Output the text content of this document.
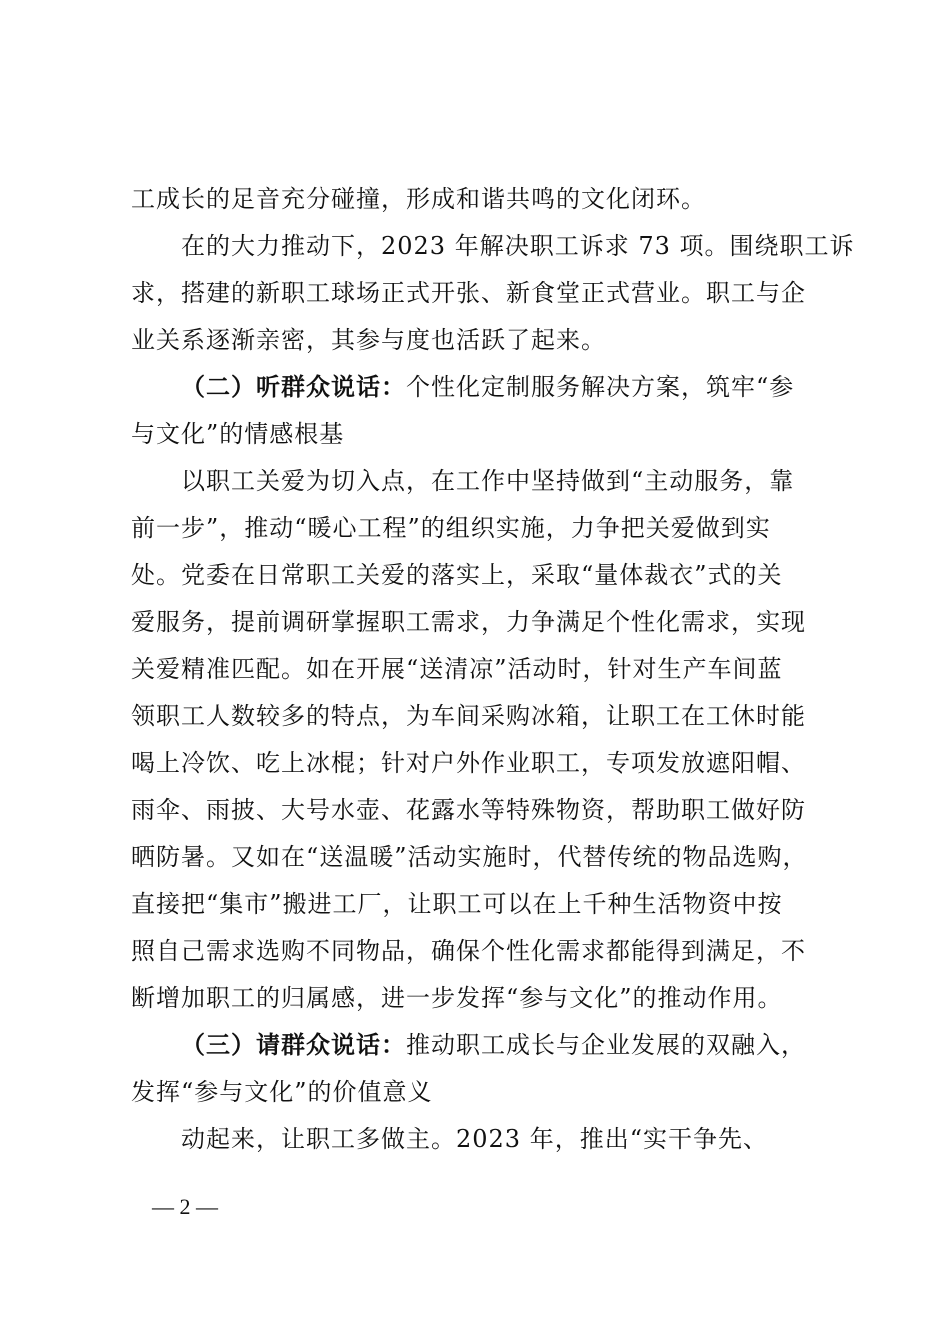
工成长的足音充分碰撞，形成和谐共鸣的文化闭环。
在的大力推动下，2023 年解决职工诉求 73 项。围绕职工诉
求，搭建的新职工球场正式开张、新食堂正式营业。职工与企
业关系逐渐亲密，其参与度也活跃了起来。
（二）听群众说话：个性化定制服务解决方案，筑牢“参
与文化”的情感根基
以职工关爱为切入点，在工作中坚持做到“主动服务，靠
前一步”，推动“暖心工程”的组织实施，力争把关爱做到实
处。党委在日常职工关爱的落实上，采取“量体裁衣”式的关
爱服务，提前调研掌握职工需求，力争满足个性化需求，实现
关爱精准匹配。如在开展“送清凉”活动时，针对生产车间蓝
领职工人数较多的特点，为车间采购冰箱，让职工在工休时能
喝上冷饮、吃上冰棍；针对户外作业职工，专项发放遮阳帽、
雨伞、雨披、大号水壶、花露水等特殊物资，帮助职工做好防
晒防暑。又如在“送温暖”活动实施时，代替传统的物品选购，
直接把“集市”搬进工厂，让职工可以在上千种生活物资中按
照自己需求选购不同物品，确保个性化需求都能得到满足，不
断增加职工的归属感，进一步发挥“参与文化”的推动作用。
（三）请群众说话：推动职工成长与企业发展的双融入，
发挥“参与文化”的价值意义
动起来，让职工多做主。2023 年，推出“实干争先、
— 2 —
